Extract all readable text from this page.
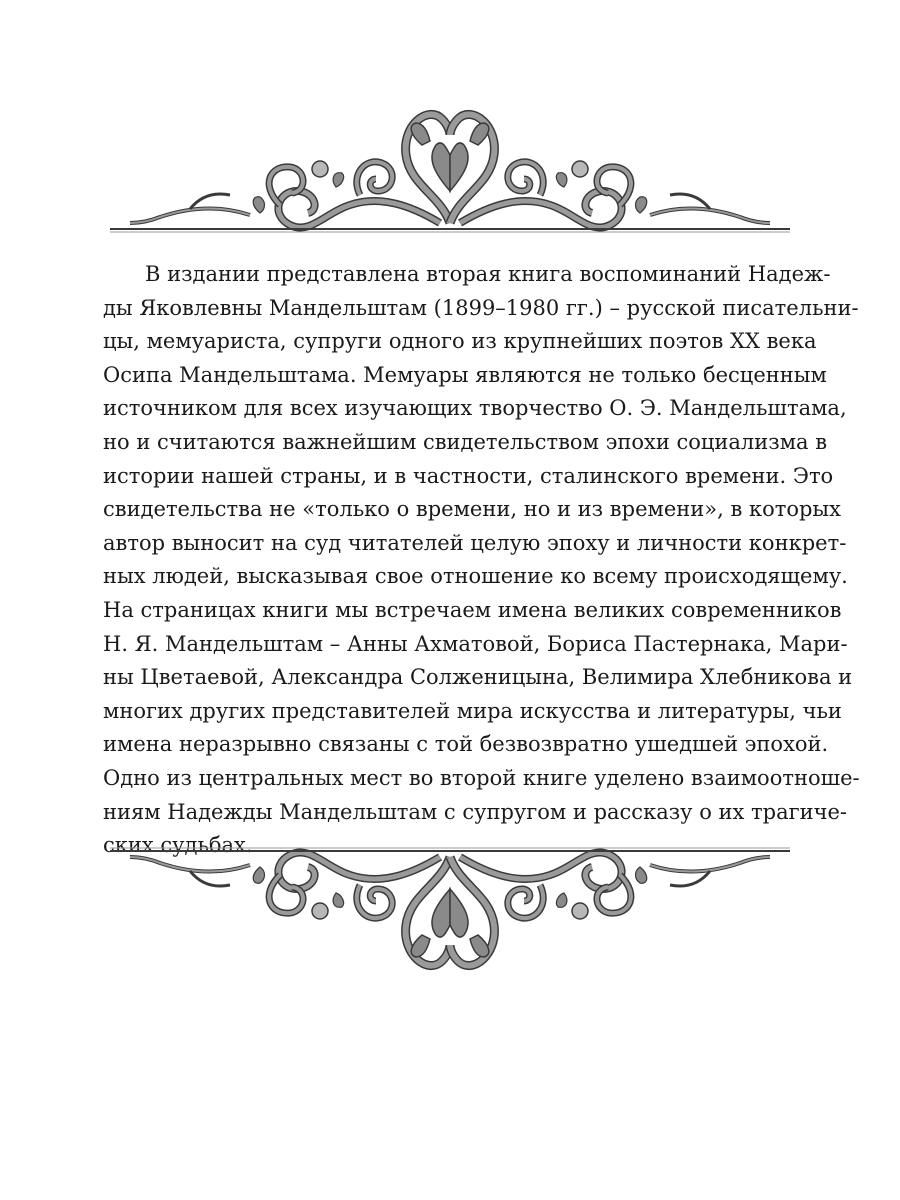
В издании представлена вторая книга воспоминаний Надеж-
ды Яковлевны Мандельштам (1899–1980 гг.) – русской писательни-
цы, мемуариста, супруги одного из крупнейших поэтов XX века
Осипа Мандельштама. Мемуары являются не только бесценным
источником для всех изучающих творчество О. Э. Мандельштама,
но и считаются важнейшим свидетельством эпохи социализма в
истории нашей страны, и в частности, сталинского времени. Это
свидетельства не «только о времени, но и из времени», в которых
автор выносит на суд читателей целую эпоху и личности конкрет-
ных людей, высказывая свое отношение ко всему происходящему.
На страницах книги мы встречаем имена великих современников
Н. Я. Мандельштам – Анны Ахматовой, Бориса Пастернака, Мари-
ны Цветаевой, Александра Солженицына, Велимира Хлебникова и
многих других представителей мира искусства и литературы, чьи
имена неразрывно связаны с той безвозвратно ушедшей эпохой.
Одно из центральных мест во второй книге уделено взаимоотноше-
ниям Надежды Мандельштам с супругом и рассказу о их трагиче-
ских судьбах.
